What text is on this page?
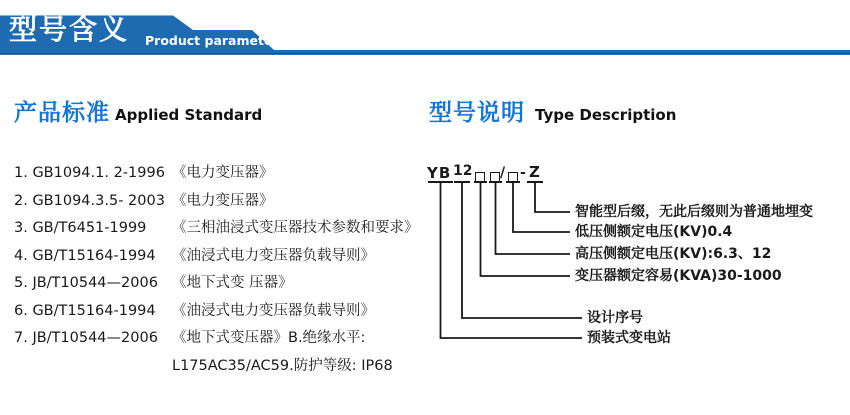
型号含义 Product parameters
产品标准 Applied Standard
1. GB1094.1. 2-1996 《电力变压器》
2. GB1094.3.5- 2003 《电力变压器》
3. GB/T6451-1999	《三相油浸式变压器技术参数和要求》
4. GB/T15164-1994	《油浸式电力变压器负载导则》
5. JB/T10544—2006 《地下式变 压器》
6. GB/T15164-1994	《油浸式电力变压器负载导则》
7. JB/T10544—2006 《地下式变压器》B.绝缘水平:
L175AC35/AC59.防护等级: IP68
型号说明 Type Description
YB 12 / - Z
智能型后缀，无此后缀则为普通地埋变
低压侧额定电压(KV)0.4
高压侧额定电压(KV):6.3、12
变压器额定容易(KVA)30-1000
设计序号
预装式变电站
